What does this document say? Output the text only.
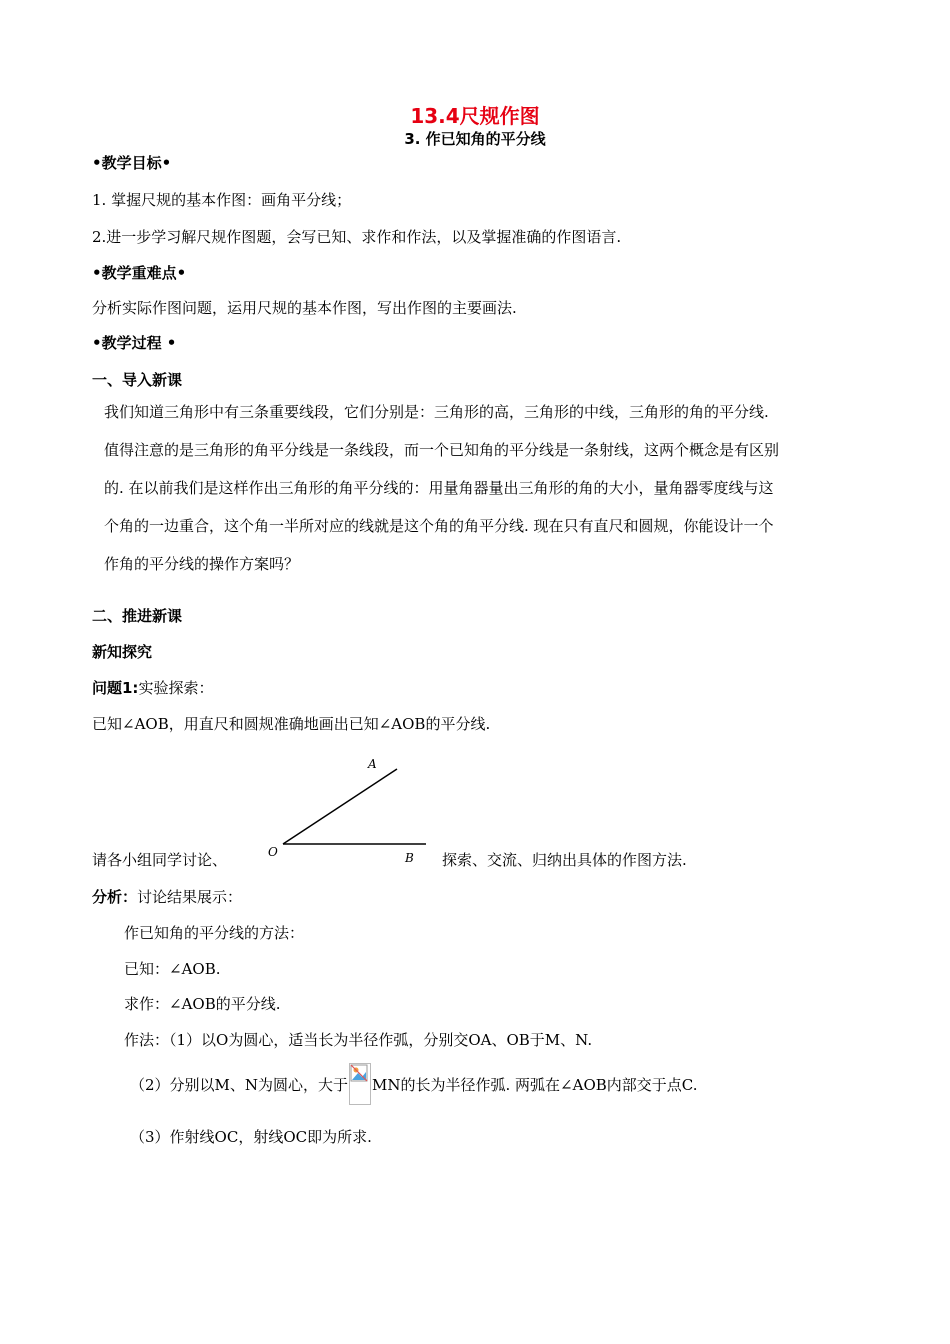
13.4尺规作图
3. 作已知角的平分线
•教学目标•
1. 掌握尺规的基本作图：画角平分线；
2.进一步学习解尺规作图题，会写已知、求作和作法，以及掌握准确的作图语言.
•教学重难点•
分析实际作图问题，运用尺规的基本作图，写出作图的主要画法.
•教学过程 •
一、导入新课
我们知道三角形中有三条重要线段，它们分别是：三角形的高，三角形的中线，三角形的角的平分线.
值得注意的是三角形的角平分线是一条线段，而一个已知角的平分线是一条射线，这两个概念是有区别
的. 在以前我们是这样作出三角形的角平分线的：用量角器量出三角形的角的大小，量角器零度线与这
个角的一边重合，这个角一半所对应的线就是这个角的角平分线. 现在只有直尺和圆规，你能设计一个
作角的平分线的操作方案吗？
二、推进新课
新知探究
问题1:实验探索：
已知∠AOB，用直尺和圆规准确地画出已知∠AOB的平分线.
A
O	B
请各小组同学讨论、	探索、交流、归纳出具体的作图方法.
分析：讨论结果展示：
作已知角的平分线的方法：
已知：∠AOB.
求作：∠AOB的平分线.
作法：（1）以O为圆心，适当长为半径作弧，分别交OA、OB于M、N.
（2）分别以M、N为圆心，大于 MN的长为半径作弧. 两弧在∠AOB内部交于点C.
（3）作射线OC，射线OC即为所求.
